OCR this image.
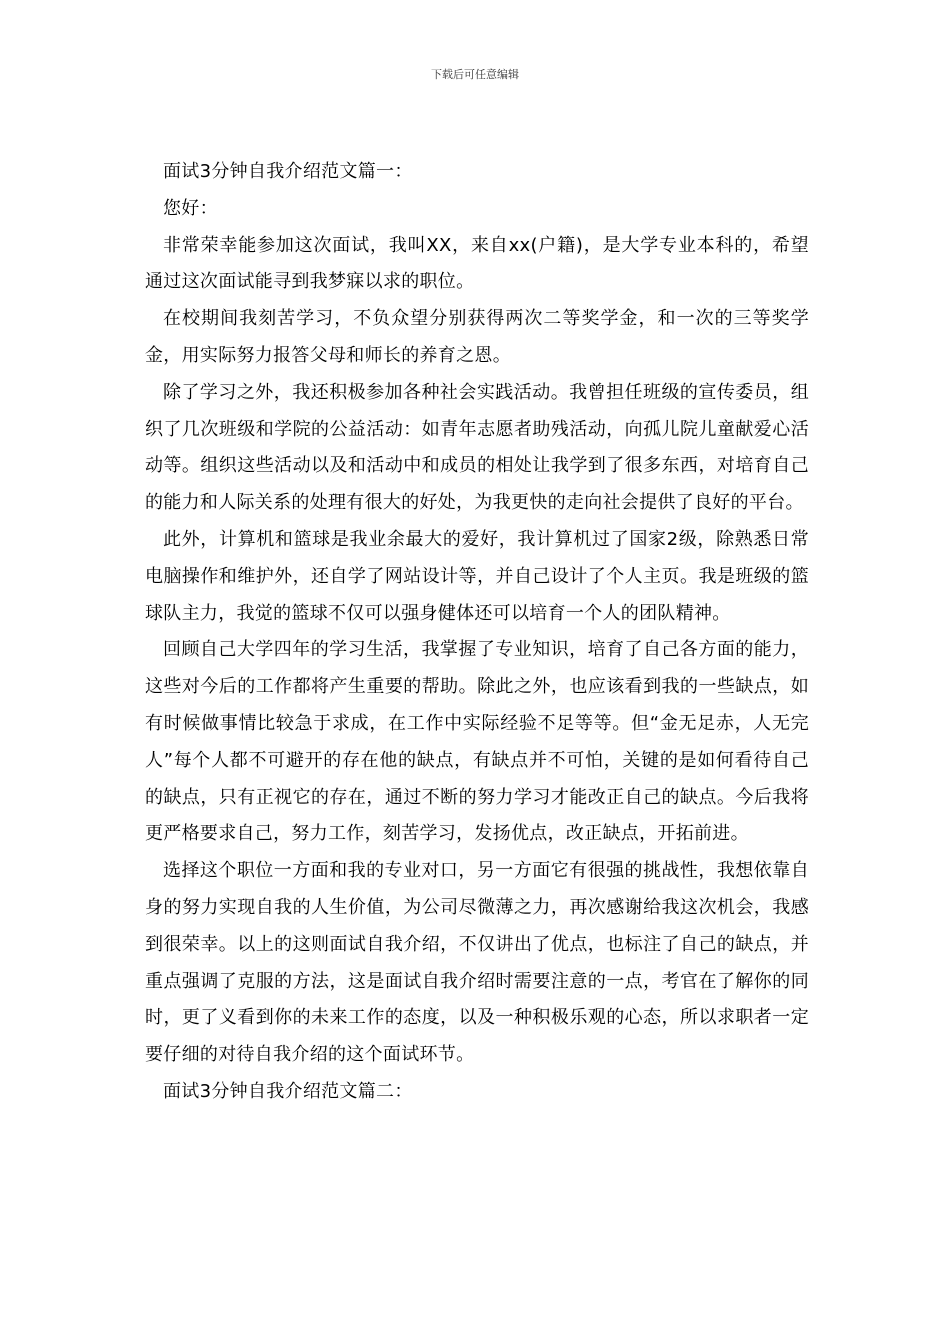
下载后可任意编辑

面试3分钟自我介绍范文篇一：

您好：

非常荣幸能参加这次面试，我叫XX，来自xx(户籍)，是大学专业本科的，希望通过这次面试能寻到我梦寐以求的职位。

在校期间我刻苦学习，不负众望分别获得两次二等奖学金，和一次的三等奖学金，用实际努力报答父母和师长的养育之恩。

除了学习之外，我还积极参加各种社会实践活动。我曾担任班级的宣传委员，组织了几次班级和学院的公益活动：如青年志愿者助残活动，向孤儿院儿童献爱心活动等。组织这些活动以及和活动中和成员的相处让我学到了很多东西，对培育自己的能力和人际关系的处理有很大的好处，为我更快的走向社会提供了良好的平台。

此外，计算机和篮球是我业余最大的爱好，我计算机过了国家2级，除熟悉日常电脑操作和维护外，还自学了网站设计等，并自己设计了个人主页。我是班级的篮球队主力，我觉的篮球不仅可以强身健体还可以培育一个人的团队精神。

回顾自己大学四年的学习生活，我掌握了专业知识，培育了自己各方面的能力，这些对今后的工作都将产生重要的帮助。除此之外，也应该看到我的一些缺点，如有时候做事情比较急于求成，在工作中实际经验不足等等。但“金无足赤，人无完人”每个人都不可避开的存在他的缺点，有缺点并不可怕，关键的是如何看待自己的缺点，只有正视它的存在，通过不断的努力学习才能改正自己的缺点。今后我将更严格要求自己，努力工作，刻苦学习，发扬优点，改正缺点，开拓前进。

选择这个职位一方面和我的专业对口，另一方面它有很强的挑战性，我想依靠自身的努力实现自我的人生价值，为公司尽微薄之力，再次感谢给我这次机会，我感到很荣幸。以上的这则面试自我介绍，不仅讲出了优点，也标注了自己的缺点，并重点强调了克服的方法，这是面试自我介绍时需要注意的一点，考官在了解你的同时，更了义看到你的未来工作的态度，以及一种积极乐观的心态，所以求职者一定要仔细的对待自我介绍的这个面试环节。

面试3分钟自我介绍范文篇二：
